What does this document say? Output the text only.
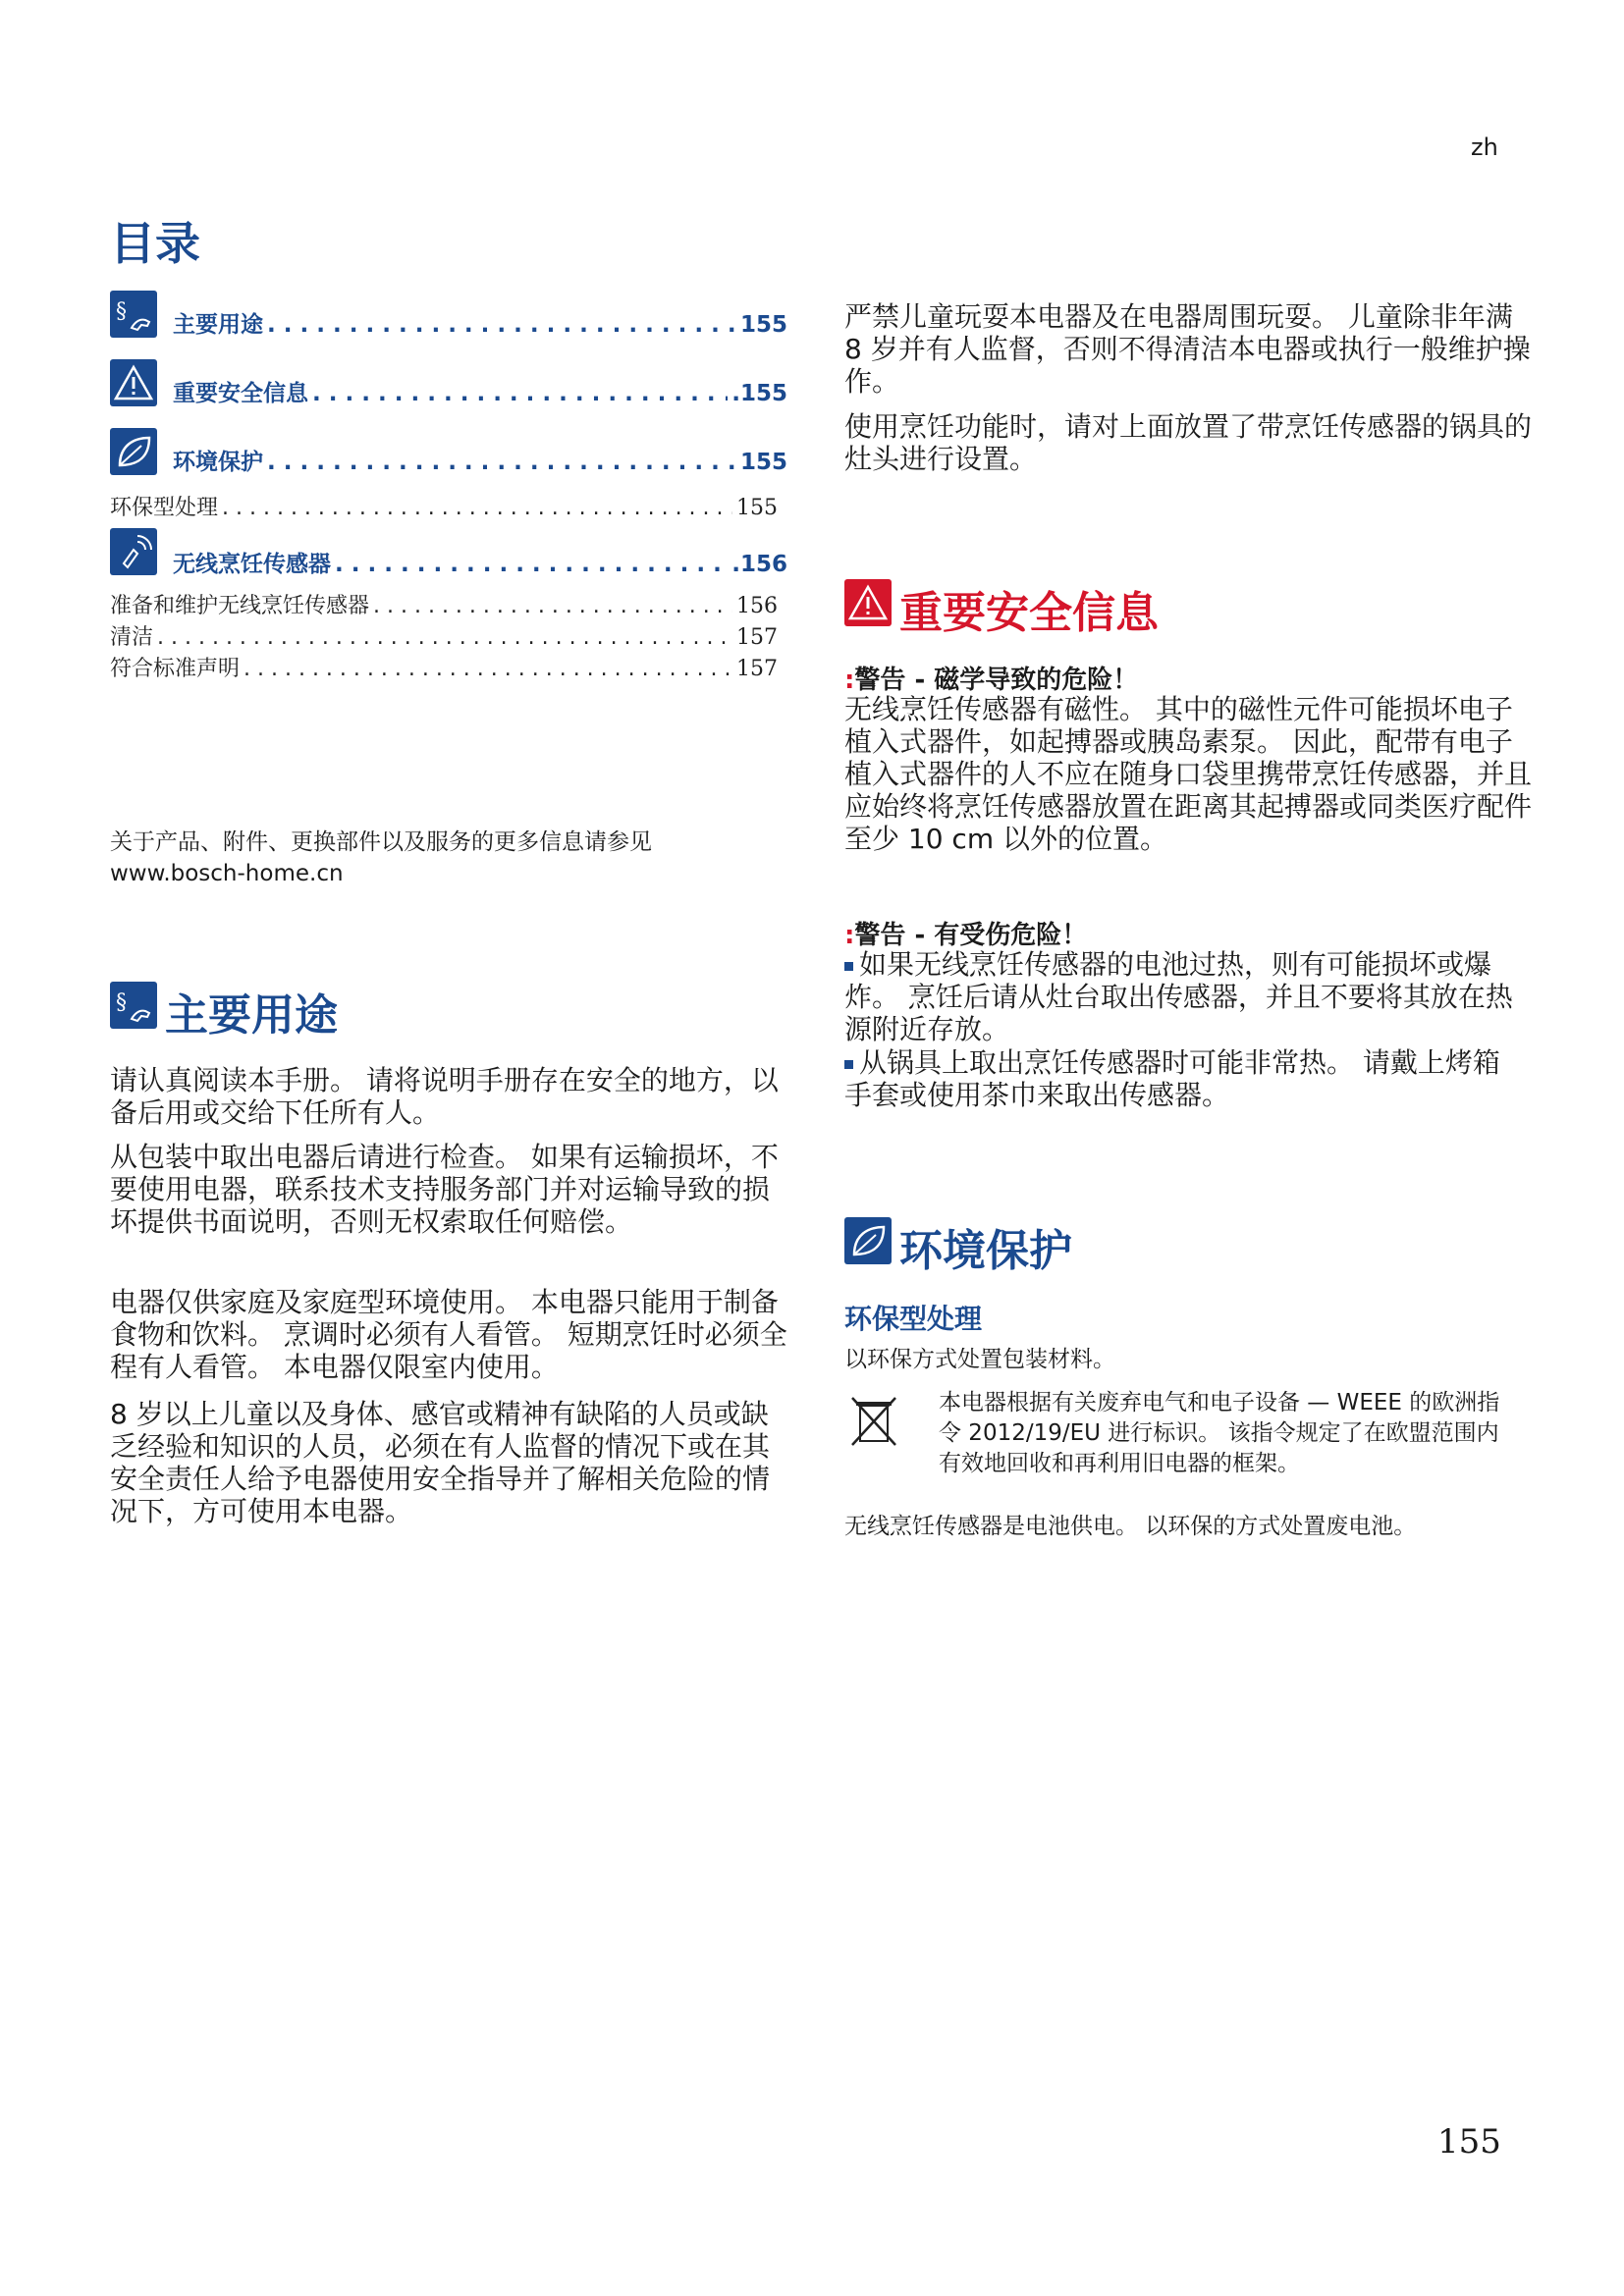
zh
目录
§
主要用途 . . .	155
重要安全信息 . . .	.155
环境保护 . . .	155
环保型处理 . . .	155
无线烹饪传感器 . . .	.156
准备和维护无线烹饪传感器 . . .	156
清洁 . . .	157
符合标准声明 . . .	157
关于产品、附件、更换部件以及服务的更多信息请参见
www.bosch-home.cn
§ 主要用途
请认真阅读本手册。 请将说明手册存在安全的地方，以备后用或交给下任所有人。
从包装中取出电器后请进行检查。 如果有运输损坏，不要使用电器，联系技术支持服务部门并对运输导致的损坏提供书面说明，否则无权索取任何赔偿。
电器仅供家庭及家庭型环境使用。 本电器只能用于制备食物和饮料。 烹调时必须有人看管。 短期烹饪时必须全程有人看管。 本电器仅限室内使用。
8 岁以上儿童以及身体、感官或精神有缺陷的人员或缺乏经验和知识的人员，必须在有人监督的情况下或在其安全责任人给予电器使用安全指导并了解相关危险的情况下，方可使用本电器。
严禁儿童玩耍本电器及在电器周围玩耍。 儿童除非年满 8 岁并有人监督，否则不得清洁本电器或执行一般维护操作。
使用烹饪功能时，请对上面放置了带烹饪传感器的锅具的灶头进行设置。
重要安全信息
:警告 - 磁学导致的危险！
无线烹饪传感器有磁性。 其中的磁性元件可能损坏电子植入式器件，如起搏器或胰岛素泵。 因此，配带有电子植入式器件的人不应在随身口袋里携带烹饪传感器，并且应始终将烹饪传感器放置在距离其起搏器或同类医疗配件至少 10 cm 以外的位置。
:警告 - 有受伤危险！
如果无线烹饪传感器的电池过热，则有可能损坏或爆炸。 烹饪后请从灶台取出传感器，并且不要将其放在热源附近存放。
从锅具上取出烹饪传感器时可能非常热。 请戴上烤箱手套或使用茶巾来取出传感器。
环境保护
环保型处理
以环保方式处置包装材料。
本电器根据有关废弃电气和电子设备 — WEEE 的欧洲指令 2012/19/EU 进行标识。 该指令规定了在欧盟范围内有效地回收和再利用旧电器的框架。
无线烹饪传感器是电池供电。 以环保的方式处置废电池。
155
